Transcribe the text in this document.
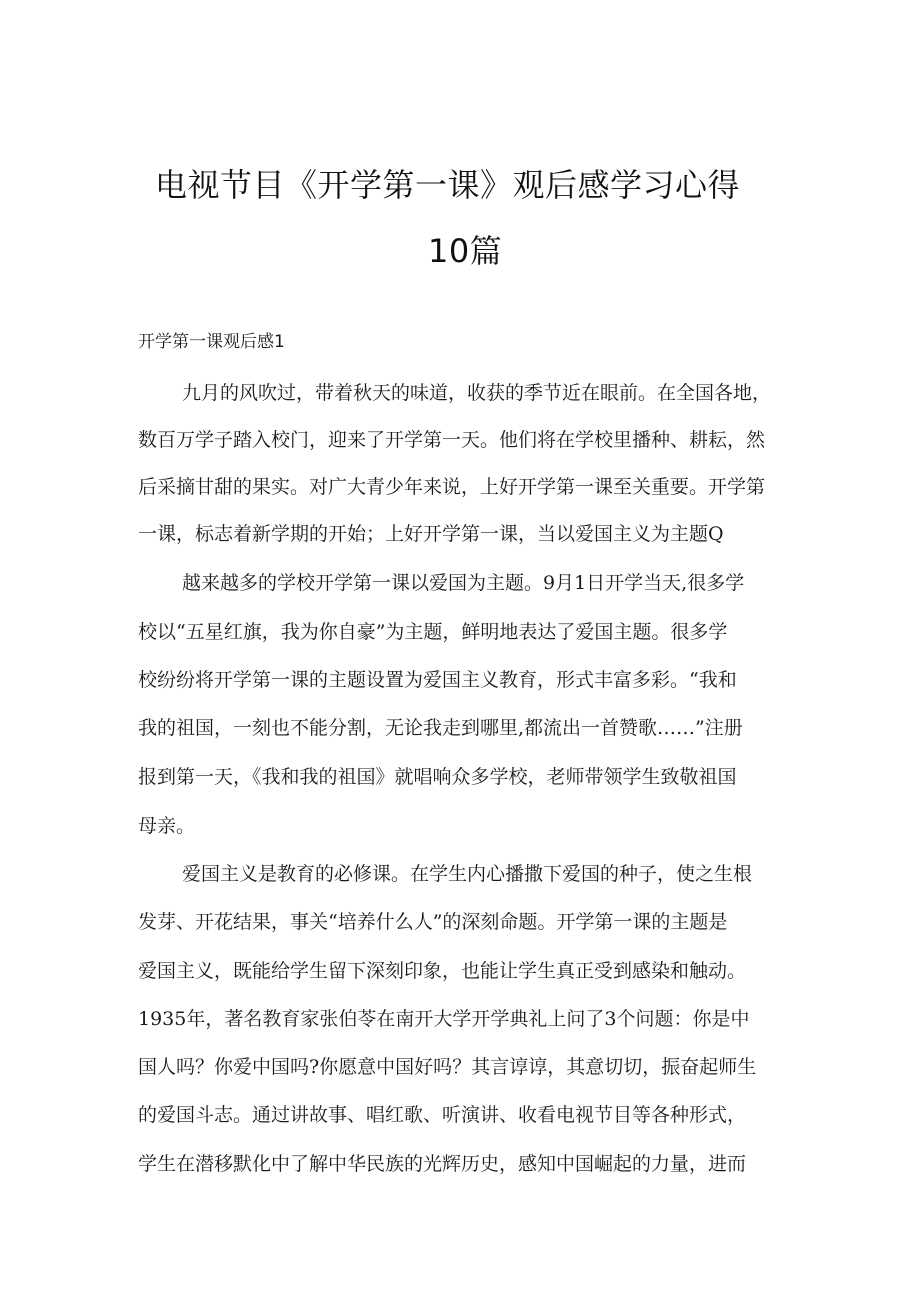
电视节目《开学第一课》观后感学习心得
10篇
开学第一课观后感1
九月的风吹过，带着秋天的味道，收获的季节近在眼前。在全国各地，
数百万学子踏入校门，迎来了开学第一天。他们将在学校里播种、耕耘，然
后采摘甘甜的果实。对广大青少年来说，上好开学第一课至关重要。开学第
一课，标志着新学期的开始；上好开学第一课，当以爱国主义为主题Q
越来越多的学校开学第一课以爱国为主题。9月1日开学当天,很多学
校以“五星红旗，我为你自豪”为主题，鲜明地表达了爱国主题。很多学
校纷纷将开学第一课的主题设置为爱国主义教育，形式丰富多彩。“我和
我的祖国，一刻也不能分割，无论我走到哪里,都流出一首赞歌……”注册
报到第一天，《我和我的祖国》就唱响众多学校，老师带领学生致敬祖国
母亲。
爱国主义是教育的必修课。在学生内心播撒下爱国的种子，使之生根
发芽、开花结果，事关“培养什么人”的深刻命题。开学第一课的主题是
爱国主义，既能给学生留下深刻印象，也能让学生真正受到感染和触动。
1935年，著名教育家张伯苓在南开大学开学典礼上问了3个问题：你是中
国人吗？你爱中国吗?你愿意中国好吗？其言谆谆，其意切切，振奋起师生
的爱国斗志。通过讲故事、唱红歌、听演讲、收看电视节目等各种形式，
学生在潜移默化中了解中华民族的光辉历史，感知中国崛起的力量，进而
